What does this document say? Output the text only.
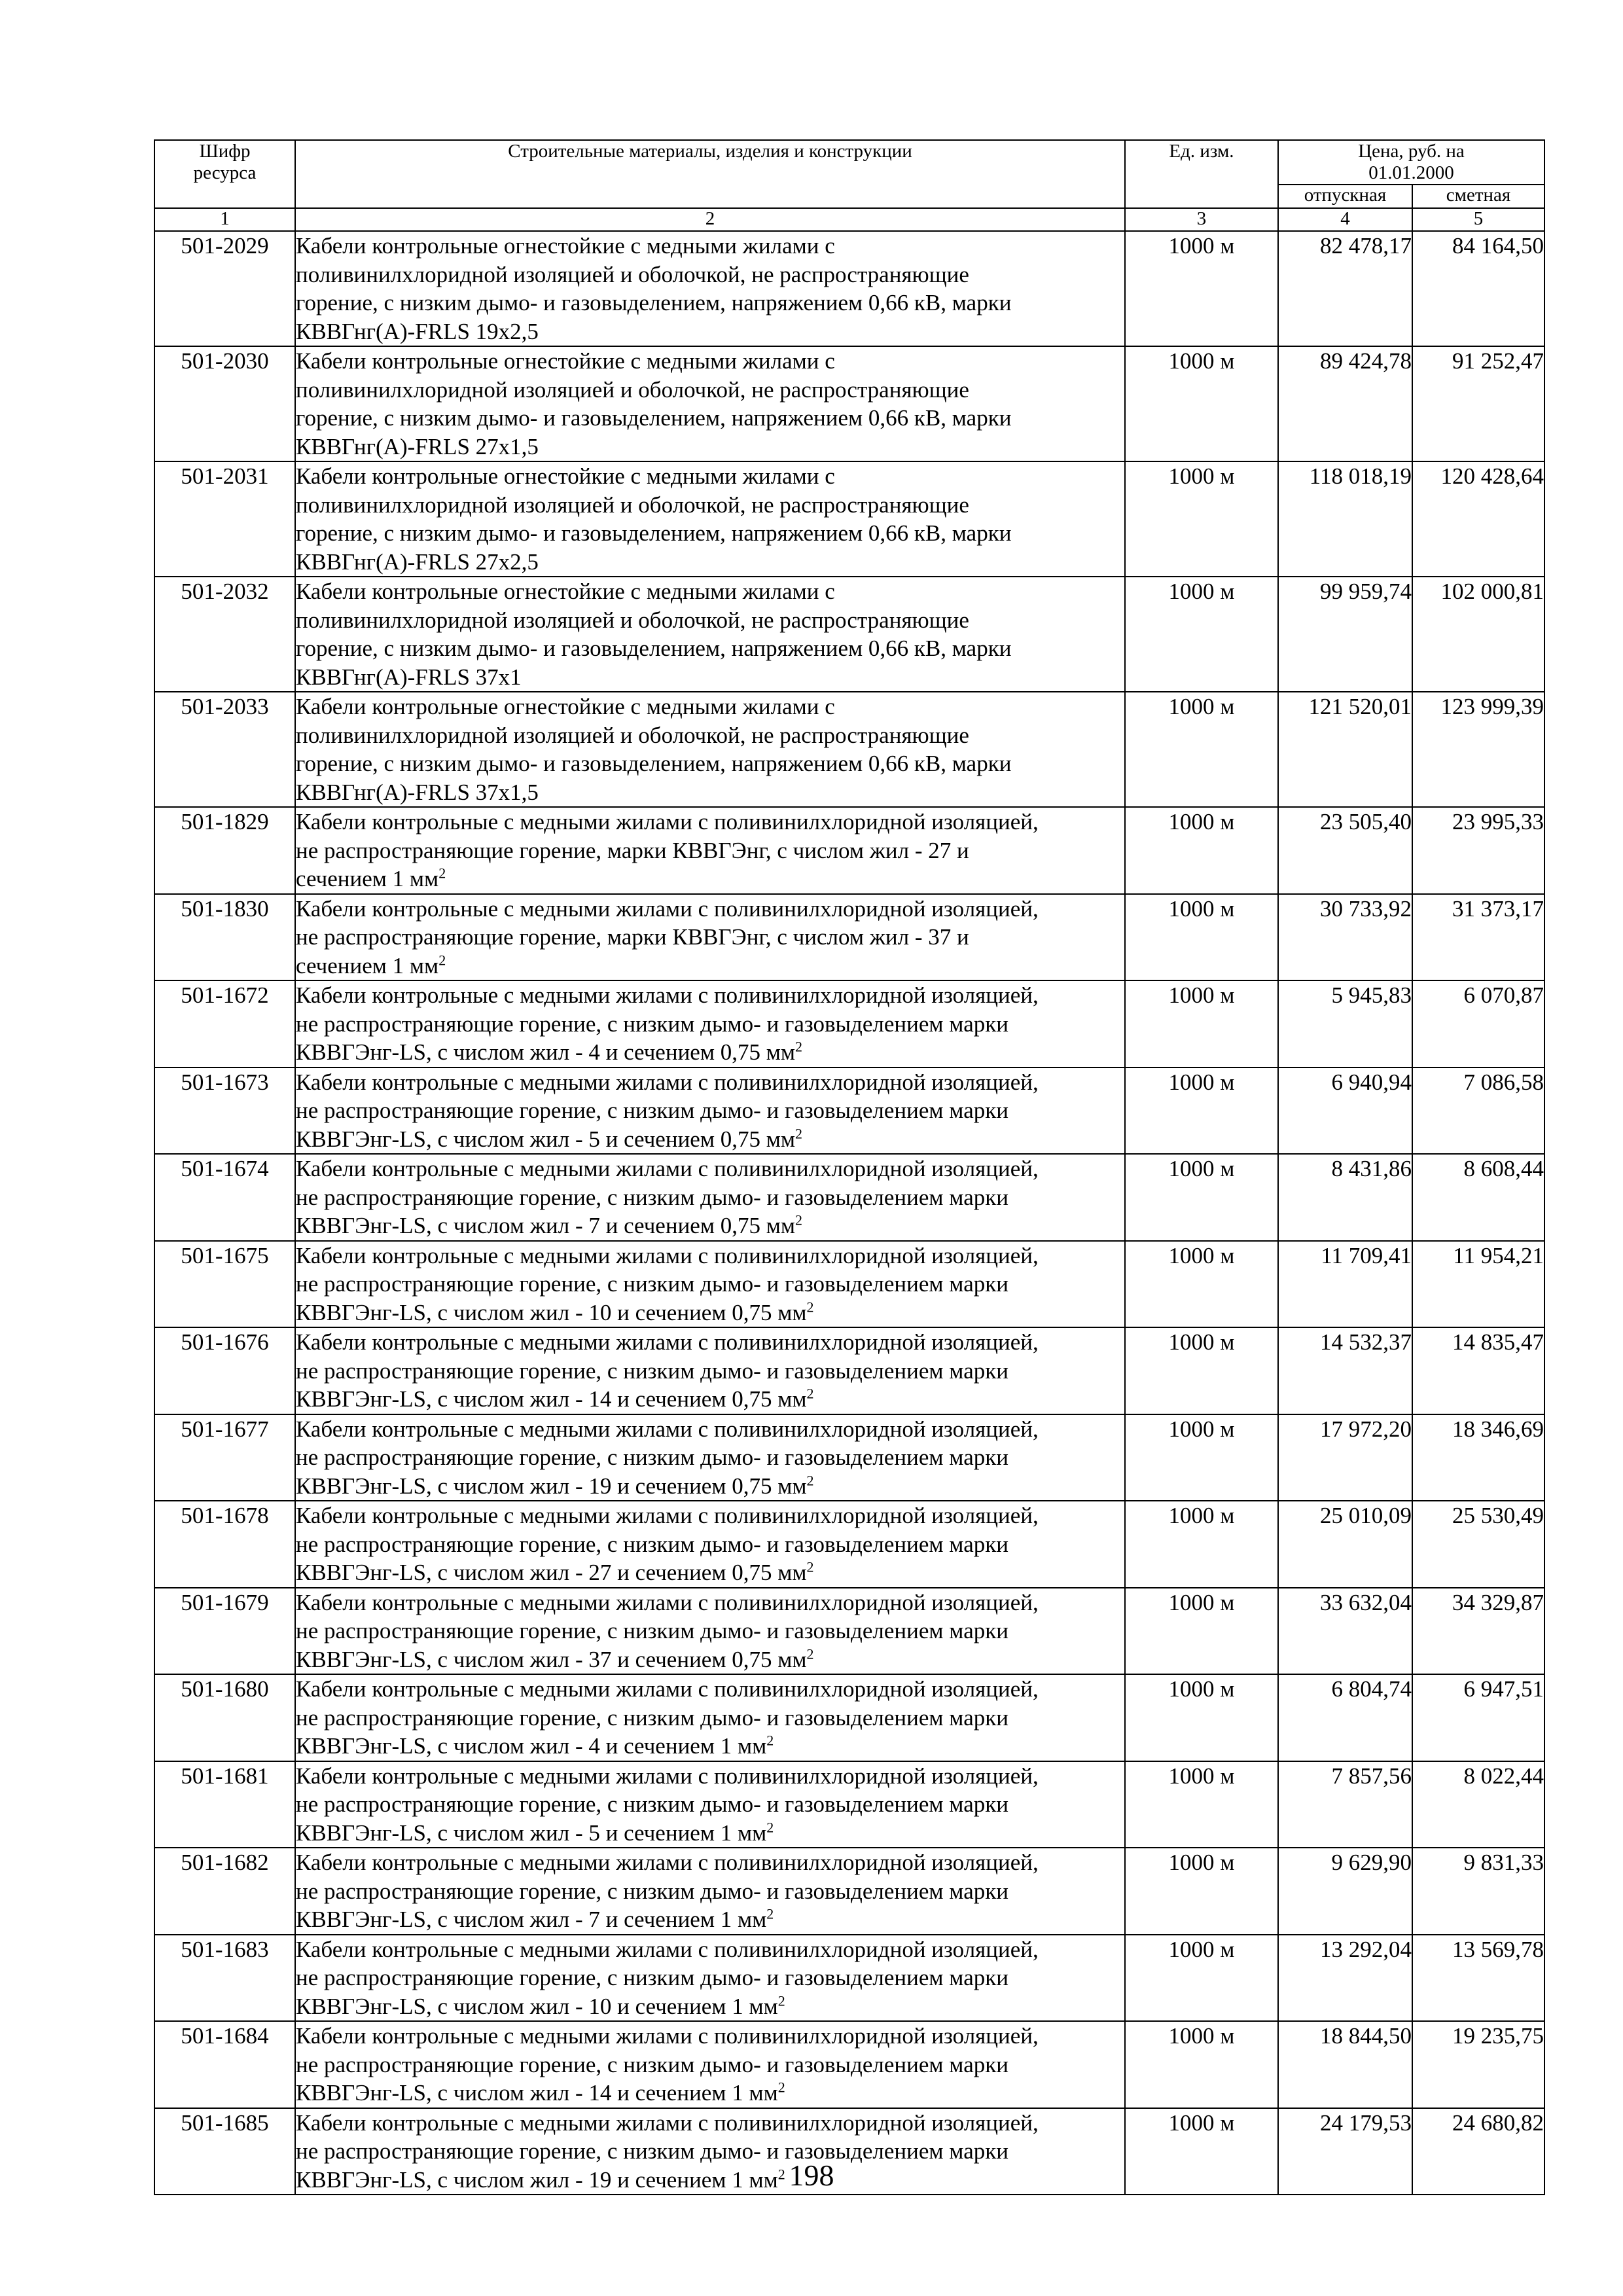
Шифр
ресурса	Строительные материалы, изделия и конструкции	Ед. изм.	Цена, руб. на
01.01.2000	
			отпускная	сметная
1	2	3	4	5
501-2029	Кабели контрольные огнестойкие с медными жилами с
поливинилхлоридной изоляцией и оболочкой, не распространяющие
горение, с низким дымо- и газовыделением, напряжением 0,66 кВ, марки
КВВГнг(А)-FRLS 19х2,5	1000 м	82 478,17	84 164,50
501-2030	Кабели контрольные огнестойкие с медными жилами с
поливинилхлоридной изоляцией и оболочкой, не распространяющие
горение, с низким дымо- и газовыделением, напряжением 0,66 кВ, марки
КВВГнг(А)-FRLS 27х1,5	1000 м	89 424,78	91 252,47
501-2031	Кабели контрольные огнестойкие с медными жилами с
поливинилхлоридной изоляцией и оболочкой, не распространяющие
горение, с низким дымо- и газовыделением, напряжением 0,66 кВ, марки
КВВГнг(А)-FRLS 27х2,5	1000 м	118 018,19	120 428,64
501-2032	Кабели контрольные огнестойкие с медными жилами с
поливинилхлоридной изоляцией и оболочкой, не распространяющие
горение, с низким дымо- и газовыделением, напряжением 0,66 кВ, марки
КВВГнг(А)-FRLS 37х1	1000 м	99 959,74	102 000,81
501-2033	Кабели контрольные огнестойкие с медными жилами с
поливинилхлоридной изоляцией и оболочкой, не распространяющие
горение, с низким дымо- и газовыделением, напряжением 0,66 кВ, марки
КВВГнг(А)-FRLS 37х1,5	1000 м	121 520,01	123 999,39
501-1829	Кабели контрольные с медными жилами с поливинилхлоридной изоляцией,
не распространяющие горение, марки КВВГЭнг, с числом жил - 27 и
сечением 1 $мм^2$	1000 м	23 505,40	23 995,33
501-1830	Кабели контрольные с медными жилами с поливинилхлоридной изоляцией,
не распространяющие горение, марки КВВГЭнг, с числом жил - 37 и
сечением 1 $мм^2$	1000 м	30 733,92	31 373,17
501-1672	Кабели контрольные с медными жилами с поливинилхлоридной изоляцией,
не распространяющие горение, с низким дымо- и газовыделением марки
КВВГЭнг-LS, с числом жил - 4 и сечением 0,75 $мм^2$	1000 м	5 945,83	6 070,87
501-1673	Кабели контрольные с медными жилами с поливинилхлоридной изоляцией,
не распространяющие горение, с низким дымо- и газовыделением марки
КВВГЭнг-LS, с числом жил - 5 и сечением 0,75 $мм^2$	1000 м	6 940,94	7 086,58
501-1674	Кабели контрольные с медными жилами с поливинилхлоридной изоляцией,
не распространяющие горение, с низким дымо- и газовыделением марки
КВВГЭнг-LS, с числом жил - 7 и сечением 0,75 $мм^2$	1000 м	8 431,86	8 608,44
501-1675	Кабели контрольные с медными жилами с поливинилхлоридной изоляцией,
не распространяющие горение, с низким дымо- и газовыделением марки
КВВГЭнг-LS, с числом жил - 10 и сечением 0,75 $мм^2$	1000 м	11 709,41	11 954,21
501-1676	Кабели контрольные с медными жилами с поливинилхлоридной изоляцией,
не распространяющие горение, с низким дымо- и газовыделением марки
КВВГЭнг-LS, с числом жил - 14 и сечением 0,75 $мм^2$	1000 м	14 532,37	14 835,47
501-1677	Кабели контрольные с медными жилами с поливинилхлоридной изоляцией,
не распространяющие горение, с низким дымо- и газовыделением марки
КВВГЭнг-LS, с числом жил - 19 и сечением 0,75 $мм^2$	1000 м	17 972,20	18 346,69
501-1678	Кабели контрольные с медными жилами с поливинилхлоридной изоляцией,
не распространяющие горение, с низким дымо- и газовыделением марки
КВВГЭнг-LS, с числом жил - 27 и сечением 0,75 $мм^2$	1000 м	25 010,09	25 530,49
501-1679	Кабели контрольные с медными жилами с поливинилхлоридной изоляцией,
не распространяющие горение, с низким дымо- и газовыделением марки
КВВГЭнг-LS, с числом жил - 37 и сечением 0,75 $мм^2$	1000 м	33 632,04	34 329,87
501-1680	Кабели контрольные с медными жилами с поливинилхлоридной изоляцией,
не распространяющие горение, с низким дымо- и газовыделением марки
КВВГЭнг-LS, с числом жил - 4 и сечением 1 $мм^2$	1000 м	6 804,74	6 947,51
501-1681	Кабели контрольные с медными жилами с поливинилхлоридной изоляцией,
не распространяющие горение, с низким дымо- и газовыделением марки
КВВГЭнг-LS, с числом жил - 5 и сечением 1 $мм^2$	1000 м	7 857,56	8 022,44
501-1682	Кабели контрольные с медными жилами с поливинилхлоридной изоляцией,
не распространяющие горение, с низким дымо- и газовыделением марки
КВВГЭнг-LS, с числом жил - 7 и сечением 1 $мм^2$	1000 м	9 629,90	9 831,33
501-1683	Кабели контрольные с медными жилами с поливинилхлоридной изоляцией,
не распространяющие горение, с низким дымо- и газовыделением марки
КВВГЭнг-LS, с числом жил - 10 и сечением 1 $мм^2$	1000 м	13 292,04	13 569,78
501-1684	Кабели контрольные с медными жилами с поливинилхлоридной изоляцией,
не распространяющие горение, с низким дымо- и газовыделением марки
КВВГЭнг-LS, с числом жил - 14 и сечением 1 $мм^2$	1000 м	18 844,50	19 235,75
501-1685	Кабели контрольные с медными жилами с поливинилхлоридной изоляцией,
не распространяющие горение, с низким дымо- и газовыделением марки
КВВГЭнг-LS, с числом жил - 19 и сечением 1 $мм^2$	1000 м	24 179,53	24 680,82
198
